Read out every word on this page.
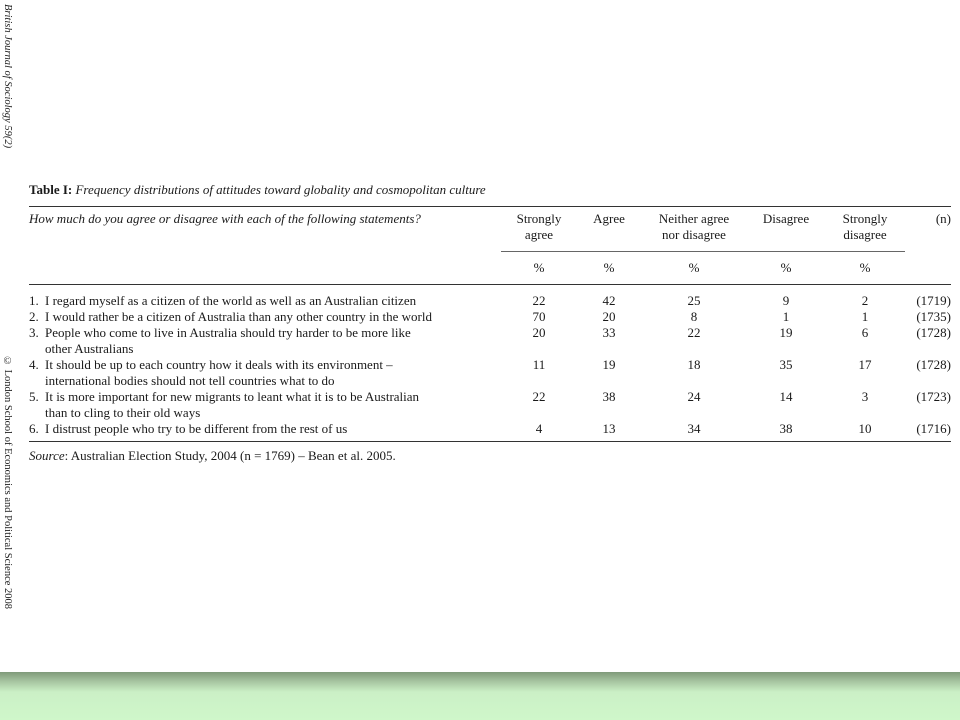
British Journal of Sociology 59(2)
© London School of Economics and Political Science 2008
Table I: Frequency distributions of attitudes toward globality and cosmopolitan culture
How much do you agree or disagree with each of the following statements?	Strongly
agree	Agree	Neither agree
nor disagree	Disagree	Strongly
disagree	(n)
	%	%	%	%	%	
1. I regard myself as a citizen of the world as well as an Australian citizen	22	42	25	9	2	(1719)
2. I would rather be a citizen of Australia than any other country in the world	70	20	8	1	1	(1735)
3. People who come to live in Australia should try harder to be more like
other Australians	20	33	22	19	6	(1728)
4. It should be up to each country how it deals with its environment –
international bodies should not tell countries what to do	11	19	18	35	17	(1728)
5. It is more important for new migrants to leant what it is to be Australian
than to cling to their old ways	22	38	24	14	3	(1723)
6. I distrust people who try to be different from the rest of us	4	13	34	38	10	(1716)
Source: Australian Election Study, 2004 (n = 1769) – Bean et al. 2005.
